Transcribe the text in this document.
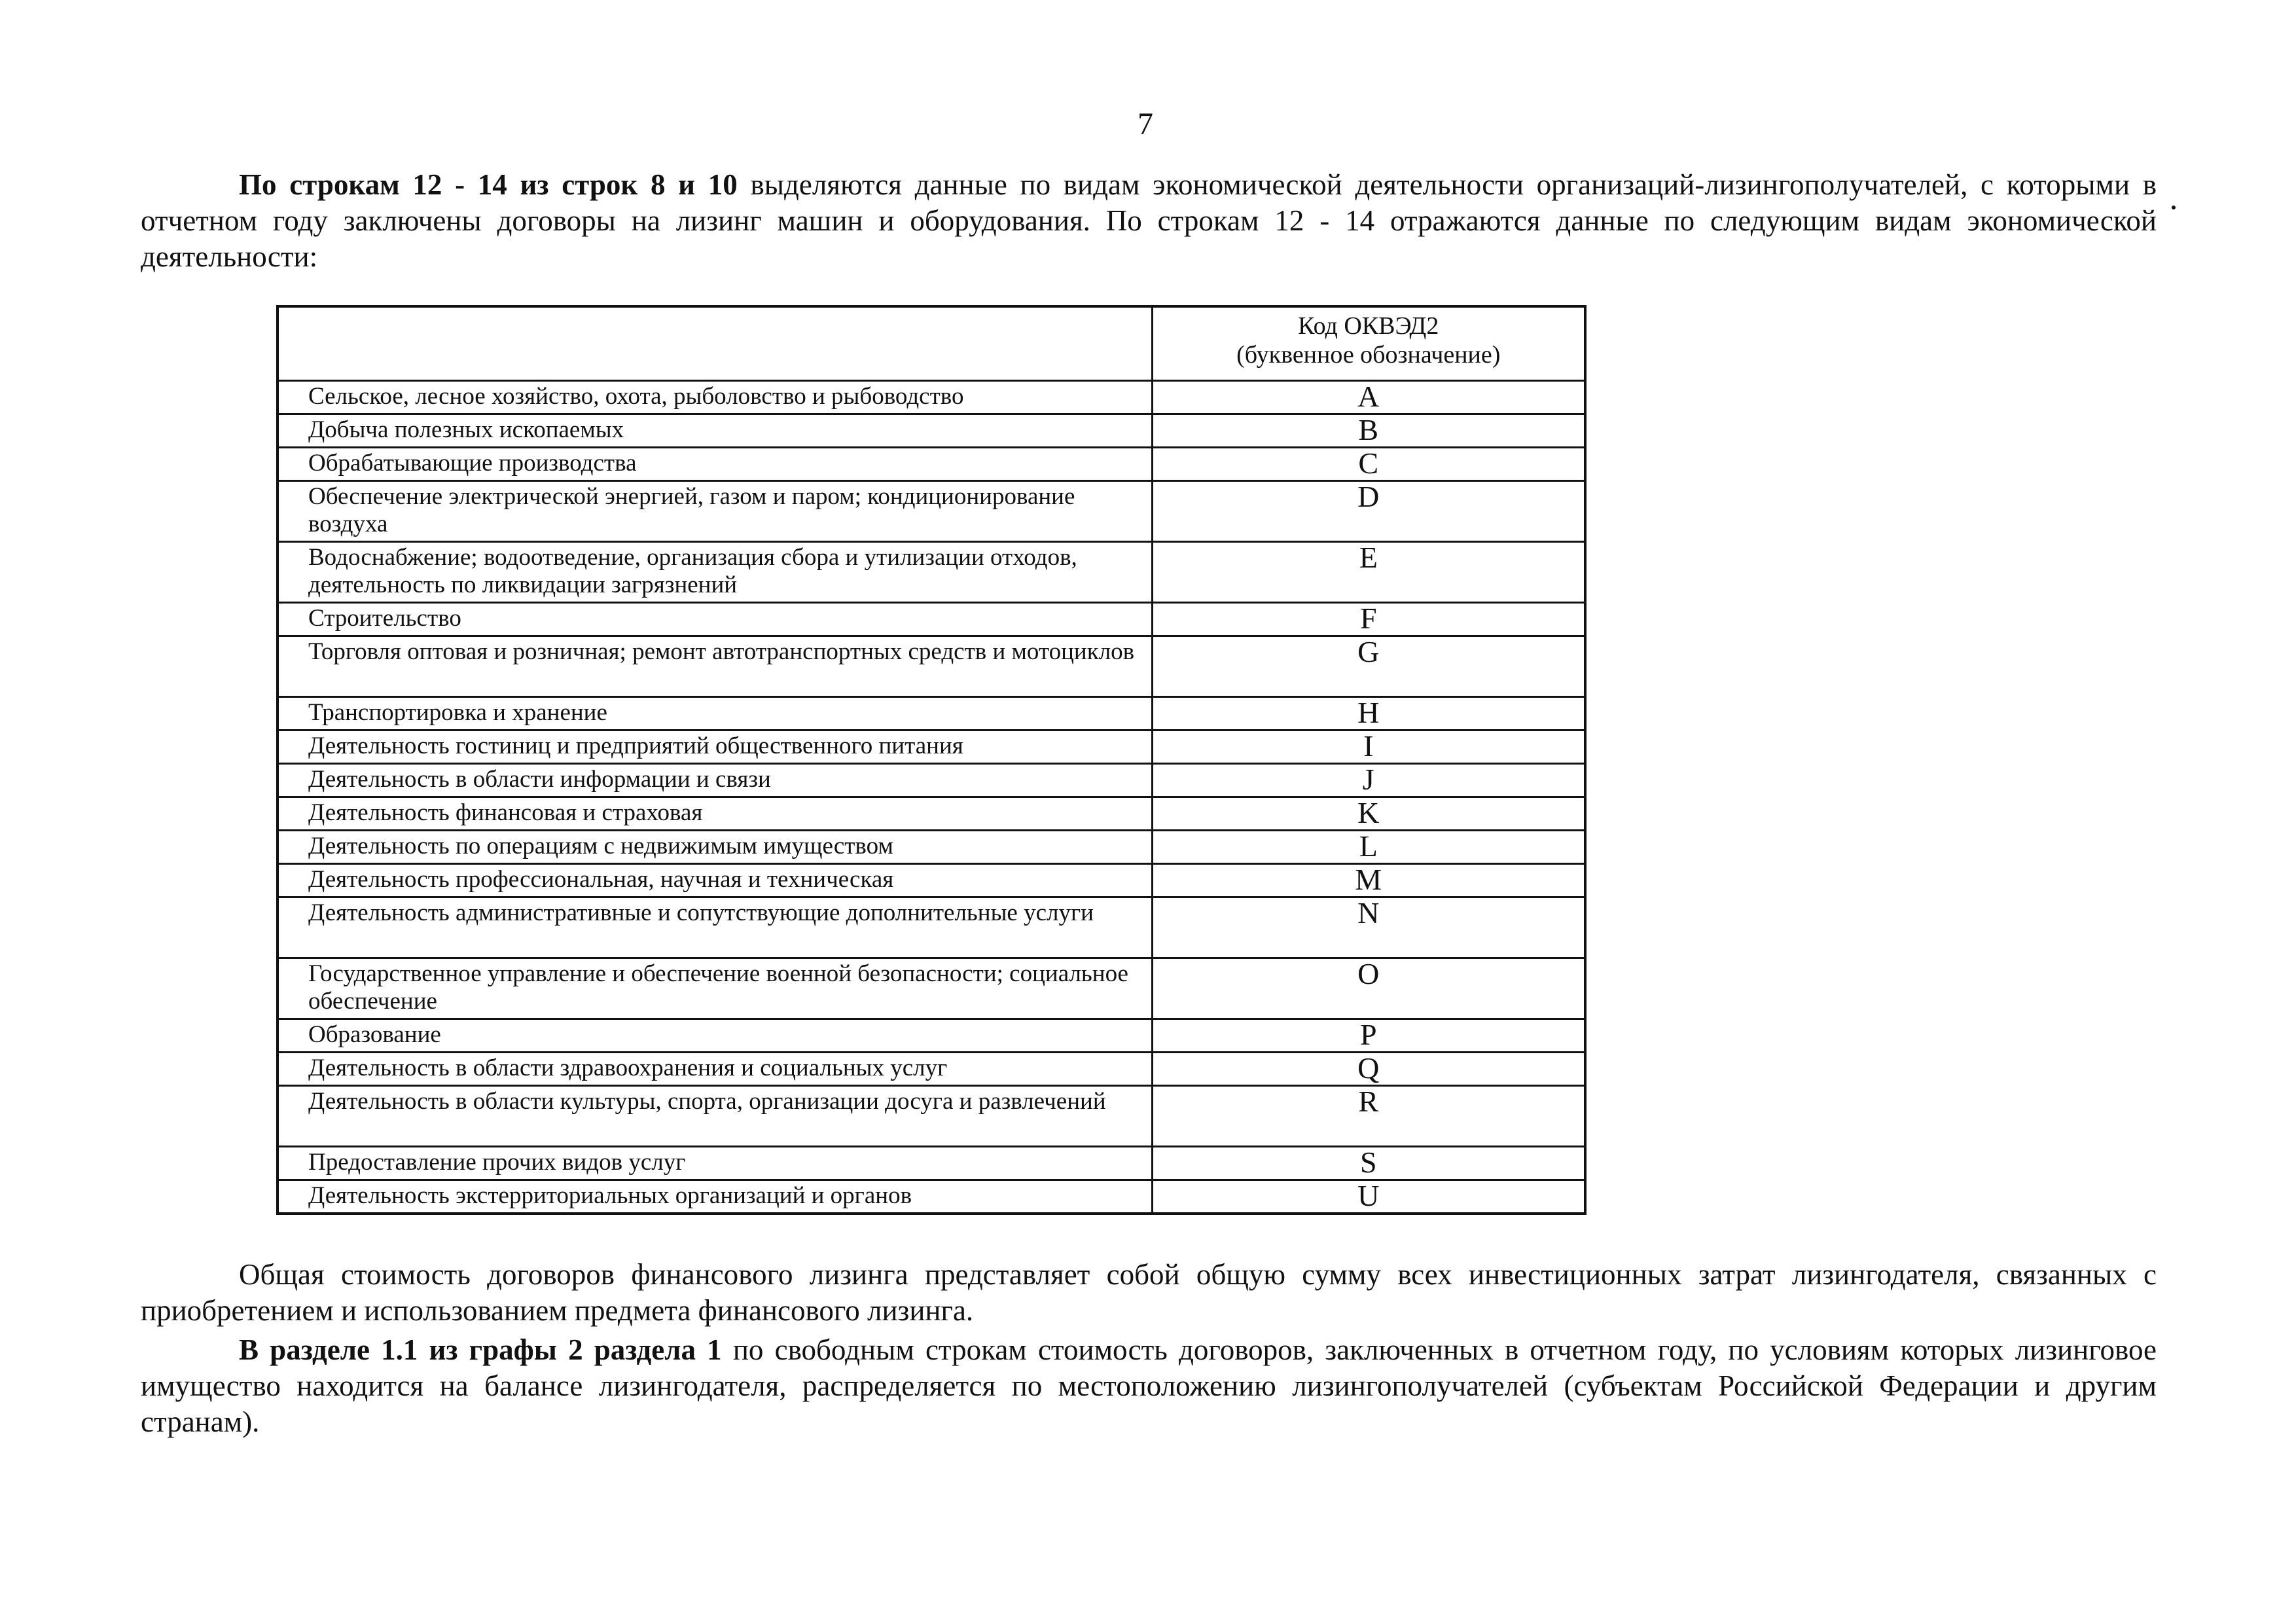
7
По строкам 12 - 14 из строк 8 и 10 выделяются данные по видам экономической деятельности организаций-лизингополучателей, с которыми в отчетном году заключены договоры на лизинг машин и оборудования. По строкам 12 - 14 отражаются данные по следующим видам экономической деятельности:

	Код ОКВЭД2
(буквенное обозначение)

Сельское, лесное хозяйство, охота, рыболовство и рыбоводство	A
Добыча полезных ископаемых	B
Обрабатывающие производства	C
Обеспечение электрической энергией, газом и паром; кондиционирование воздуха	D
Водоснабжение; водоотведение, организация сбора и утилизации отходов, деятельность по ликвидации загрязнений	E
Строительство	F
Торговля оптовая и розничная; ремонт автотранспортных средств и мотоциклов	G
Транспортировка и хранение	H
Деятельность гостиниц и предприятий общественного питания	I
Деятельность в области информации и связи	J
Деятельность финансовая и страховая	K
Деятельность по операциям с недвижимым имуществом	L
Деятельность профессиональная, научная и техническая	M
Деятельность административные и сопутствующие дополнительные услуги	N
Государственное управление и обеспечение военной безопасности; социальное обеспечение	O
Образование	P
Деятельность в области здравоохранения и социальных услуг	Q
Деятельность в области культуры, спорта, организации досуга и развлечений	R
Предоставление прочих видов услуг	S
Деятельность экстерриториальных организаций и органов	U
Общая стоимость договоров финансового лизинга представляет собой общую сумму всех инвестиционных затрат лизингодателя, связанных с приобретением и использованием предмета финансового лизинга.
В разделе 1.1 из графы 2 раздела 1 по свободным строкам стоимость договоров, заключенных в отчетном году, по условиям которых лизинговое имущество находится на балансе лизингодателя, распределяется по местоположению лизингополучателей (субъектам Российской Федерации и другим странам).
